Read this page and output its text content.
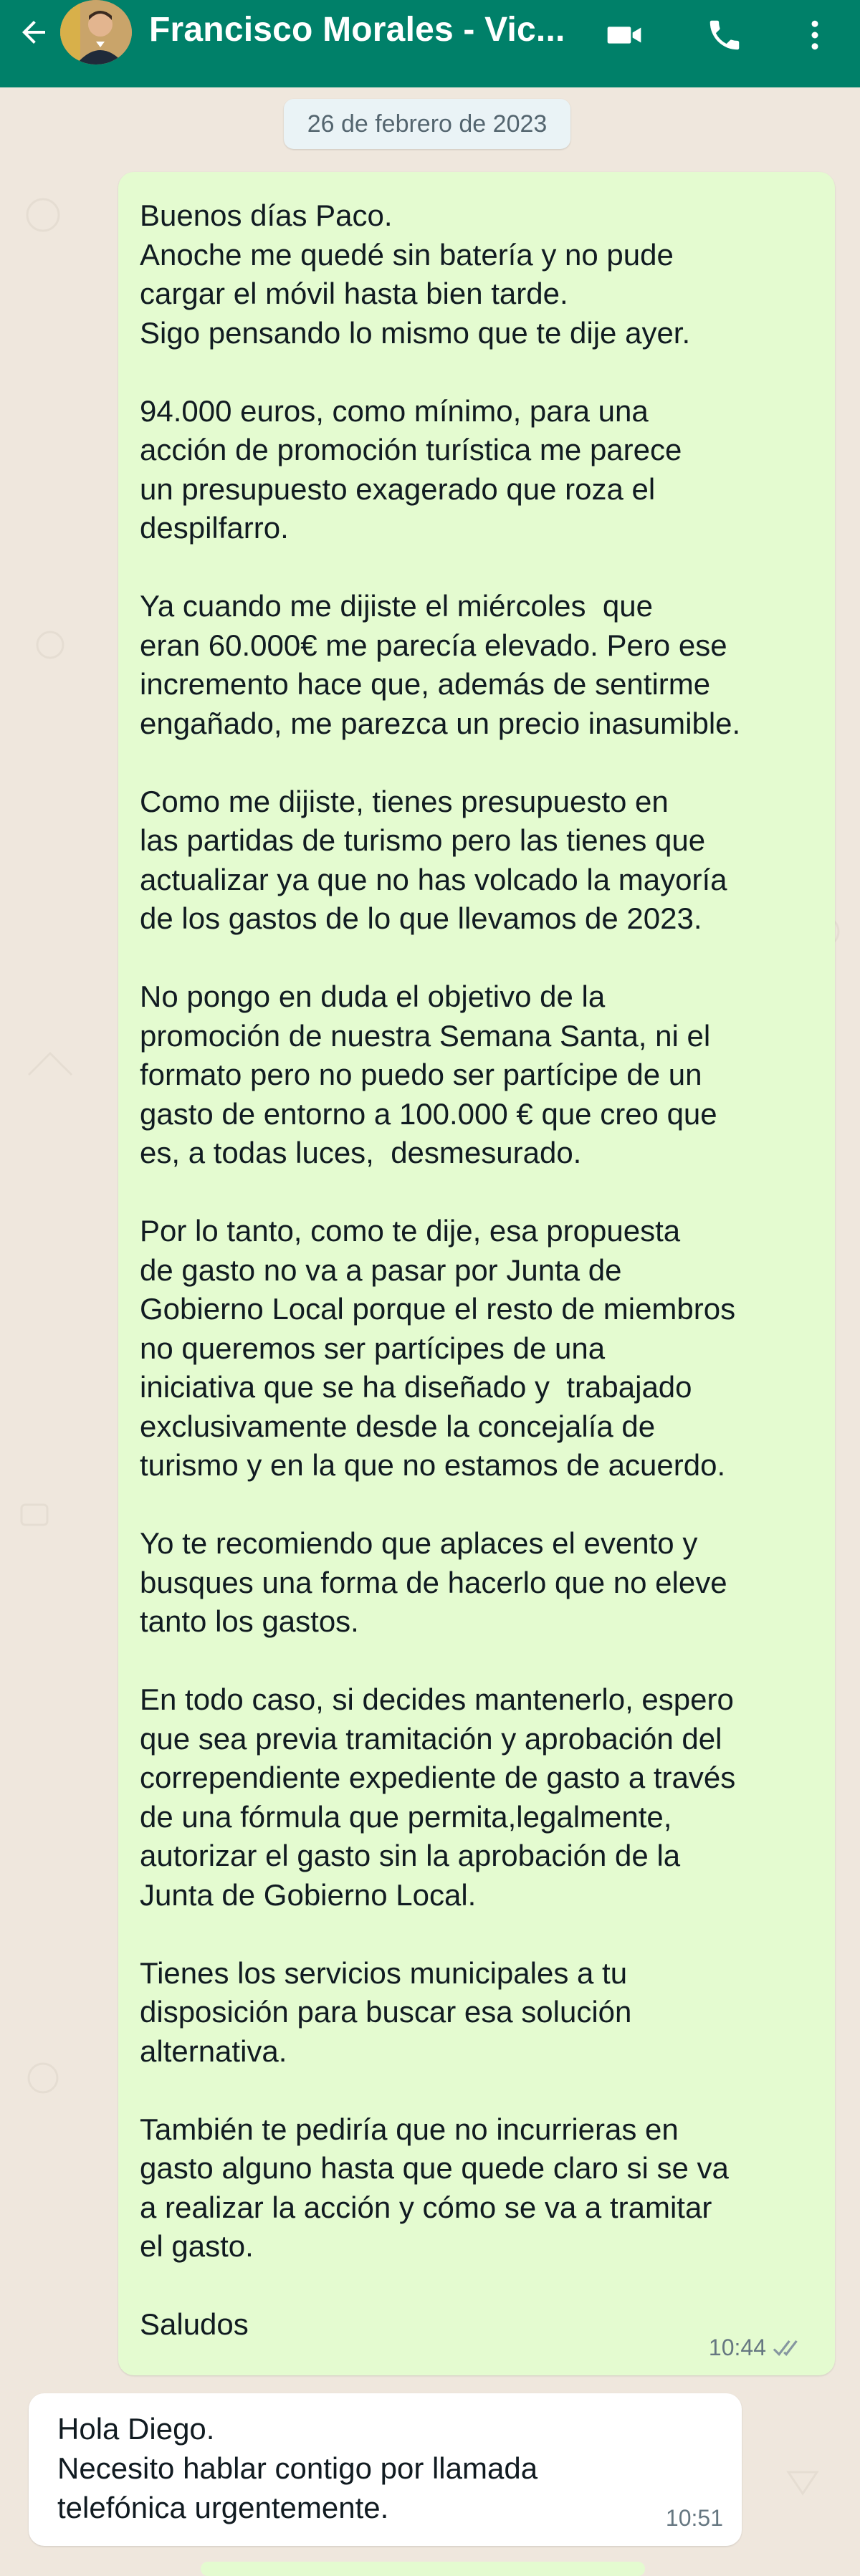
Francisco Morales - Vic...
26 de febrero de 2023

Buenos días Paco.
Anoche me quedé sin batería y no pude
cargar el móvil hasta bien tarde.
Sigo pensando lo mismo que te dije ayer.

94.000 euros, como mínimo, para una
acción de promoción turística me parece
un presupuesto exagerado que roza el
despilfarro.

Ya cuando me dijiste el miércoles  que
eran 60.000€ me parecía elevado. Pero ese
incremento hace que, además de sentirme
engañado, me parezca un precio inasumible.

Como me dijiste, tienes presupuesto en
las partidas de turismo pero las tienes que
actualizar ya que no has volcado la mayoría
de los gastos de lo que llevamos de 2023.

No pongo en duda el objetivo de la
promoción de nuestra Semana Santa, ni el
formato pero no puedo ser partícipe de un
gasto de entorno a 100.000 € que creo que
es, a todas luces,  desmesurado.

Por lo tanto, como te dije, esa propuesta
de gasto no va a pasar por Junta de
Gobierno Local porque el resto de miembros
no queremos ser partícipes de una
iniciativa que se ha diseñado y  trabajado
exclusivamente desde la concejalía de
turismo y en la que no estamos de acuerdo.

Yo te recomiendo que aplaces el evento y
busques una forma de hacerlo que no eleve
tanto los gastos.

En todo caso, si decides mantenerlo, espero
que sea previa tramitación y aprobación del
corrependiente expediente de gasto a través
de una fórmula que permita,legalmente,
autorizar el gasto sin la aprobación de la
Junta de Gobierno Local.

Tienes los servicios municipales a tu
disposición para buscar esa solución
alternativa.

También te pediría que no incurrieras en
gasto alguno hasta que quede claro si se va
a realizar la acción y cómo se va a tramitar
el gasto.

Saludos

10:44

Hola Diego.
Necesito hablar contigo por llamada
telefónica urgentemente.	10:51
